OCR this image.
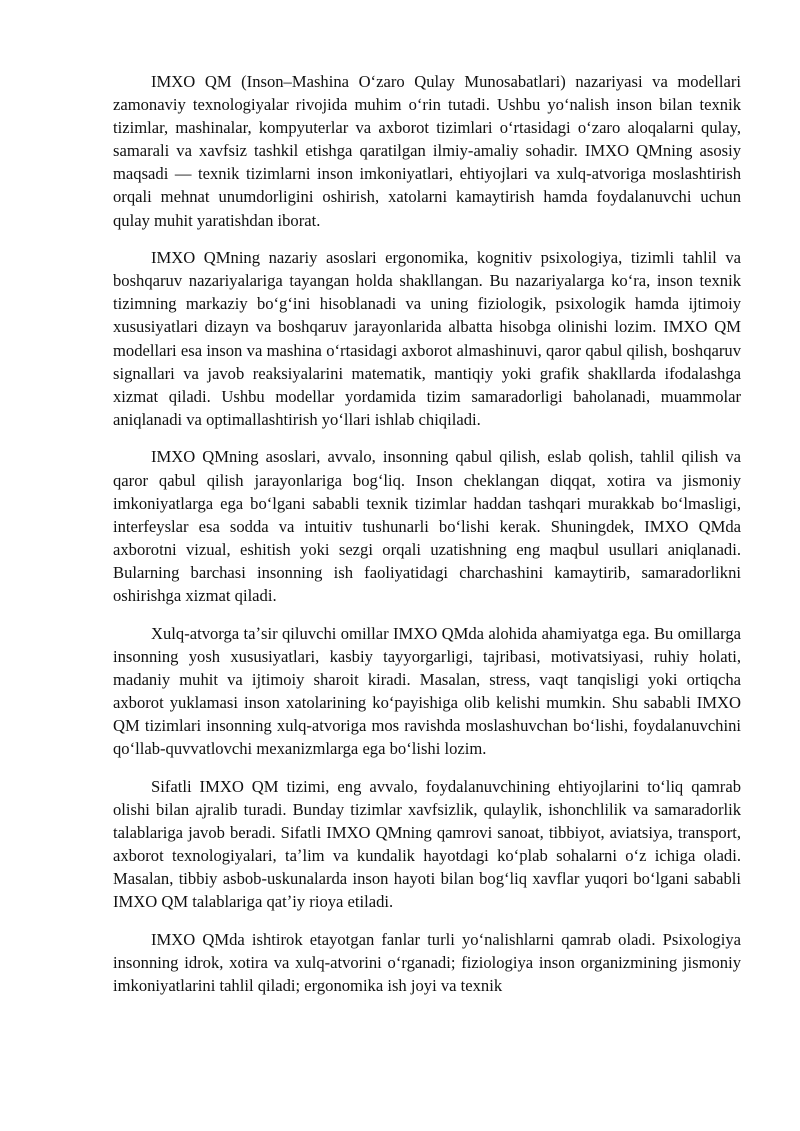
IMXO QM (Inson–Mashina Oʻzaro Qulay Munosabatlari) nazariyasi va modellari zamonaviy texnologiyalar rivojida muhim oʻrin tutadi. Ushbu yoʻnalish inson bilan texnik tizimlar, mashinalar, kompyuterlar va axborot tizimlari oʻrtasidagi oʻzaro aloqalarni qulay, samarali va xavfsiz tashkil etishga qaratilgan ilmiy-amaliy sohadir. IMXO QMning asosiy maqsadi — texnik tizimlarni inson imkoniyatlari, ehtiyojlari va xulq-atvoriga moslashtirish orqali mehnat unumdorligini oshirish, xatolarni kamaytirish hamda foydalanuvchi uchun qulay muhit yaratishdan iborat.

IMXO QMning nazariy asoslari ergonomika, kognitiv psixologiya, tizimli tahlil va boshqaruv nazariyalariga tayangan holda shakllangan. Bu nazariyalarga koʻra, inson texnik tizimning markaziy boʻgʻini hisoblanadi va uning fiziologik, psixologik hamda ijtimoiy xususiyatlari dizayn va boshqaruv jarayonlarida albatta hisobga olinishi lozim. IMXO QM modellari esa inson va mashina oʻrtasidagi axborot almashinuvi, qaror qabul qilish, boshqaruv signallari va javob reaksiyalarini matematik, mantiqiy yoki grafik shakllarda ifodalashga xizmat qiladi. Ushbu modellar yordamida tizim samaradorligi baholanadi, muammolar aniqlanadi va optimallashtirish yoʻllari ishlab chiqiladi.

IMXO QMning asoslari, avvalo, insonning qabul qilish, eslab qolish, tahlil qilish va qaror qabul qilish jarayonlariga bogʻliq. Inson cheklangan diqqat, xotira va jismoniy imkoniyatlarga ega boʻlgani sababli texnik tizimlar haddan tashqari murakkab boʻlmasligi, interfeyslar esa sodda va intuitiv tushunarli boʻlishi kerak. Shuningdek, IMXO QMda axborotni vizual, eshitish yoki sezgi orqali uzatishning eng maqbul usullari aniqlanadi. Bularning barchasi insonning ish faoliyatidagi charchashini kamaytirib, samaradorlikni oshirishga xizmat qiladi.

Xulq-atvorga taʼsir qiluvchi omillar IMXO QMda alohida ahamiyatga ega. Bu omillarga insonning yosh xususiyatlari, kasbiy tayyorgarligi, tajribasi, motivatsiyasi, ruhiy holati, madaniy muhit va ijtimoiy sharoit kiradi. Masalan, stress, vaqt tanqisligi yoki ortiqcha axborot yuklamasi inson xatolarining koʻpayishiga olib kelishi mumkin. Shu sababli IMXO QM tizimlari insonning xulq-atvoriga mos ravishda moslashuvchan boʻlishi, foydalanuvchini qoʻllab-quvvatlovchi mexanizmlarga ega boʻlishi lozim.

Sifatli IMXO QM tizimi, eng avvalo, foydalanuvchining ehtiyojlarini toʻliq qamrab olishi bilan ajralib turadi. Bunday tizimlar xavfsizlik, qulaylik, ishonchlilik va samaradorlik talablariga javob beradi. Sifatli IMXO QMning qamrovi sanoat, tibbiyot, aviatsiya, transport, axborot texnologiyalari, taʼlim va kundalik hayotdagi koʻplab sohalarni oʻz ichiga oladi. Masalan, tibbiy asbob-uskunalarda inson hayoti bilan bogʻliq xavflar yuqori boʻlgani sababli IMXO QM talablariga qatʼiy rioya etiladi.

IMXO QMda ishtirok etayotgan fanlar turli yoʻnalishlarni qamrab oladi. Psixologiya insonning idrok, xotira va xulq-atvorini oʻrganadi; fiziologiya inson organizmining jismoniy imkoniyatlarini tahlil qiladi; ergonomika ish joyi va texnik
